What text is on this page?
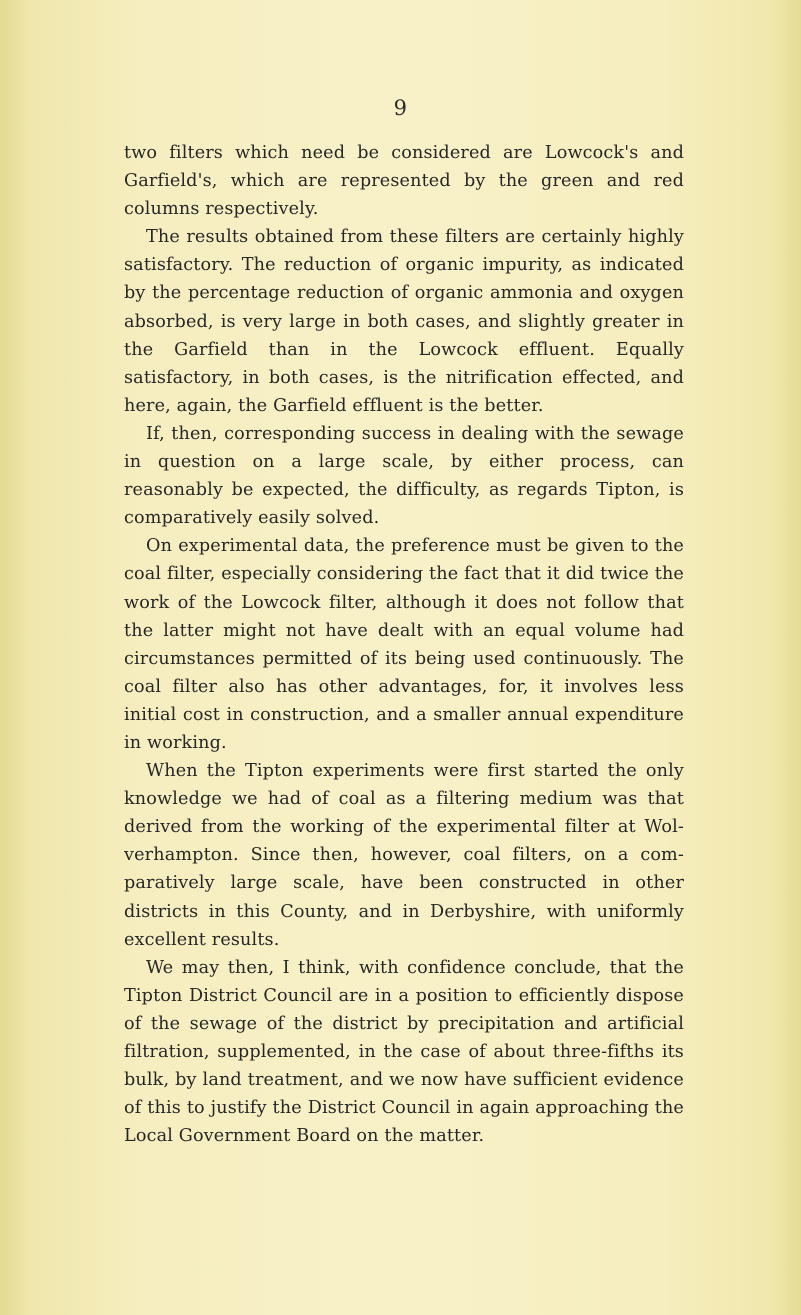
9

two filters which need be considered are Lowcock's and Garfield's, which are represented by the green and red columns respectively.

The results obtained from these filters are certainly highly satisfactory. The reduction of organic impurity, as indicated by the percentage reduction of organic ammonia and oxygen absorbed, is very large in both cases, and slightly greater in the Garfield than in the Lowcock effluent. Equally satisfactory, in both cases, is the nitrification effected, and here, again, the Garfield effluent is the better.

If, then, corresponding success in dealing with the sewage in question on a large scale, by either process, can reasonably be expected, the difficulty, as regards Tipton, is comparatively easily solved.

On experimental data, the preference must be given to the coal filter, especially considering the fact that it did twice the work of the Lowcock filter, although it does not follow that the latter might not have dealt with an equal volume had circumstances permitted of its being used continuously. The coal filter also has other advantages, for, it involves less initial cost in construction, and a smaller annual expenditure in working.

When the Tipton experiments were first started the only knowledge we had of coal as a filtering medium was that derived from the working of the experimental filter at Wol- verhampton. Since then, however, coal filters, on a com- paratively large scale, have been constructed in other districts in this County, and in Derbyshire, with uniformly excellent results.

We may then, I think, with confidence conclude, that the Tipton District Council are in a position to efficiently dispose of the sewage of the district by precipitation and artificial filtration, supplemented, in the case of about three-fifths its bulk, by land treatment, and we now have sufficient evidence of this to justify the District Council in again approaching the Local Government Board on the matter.
